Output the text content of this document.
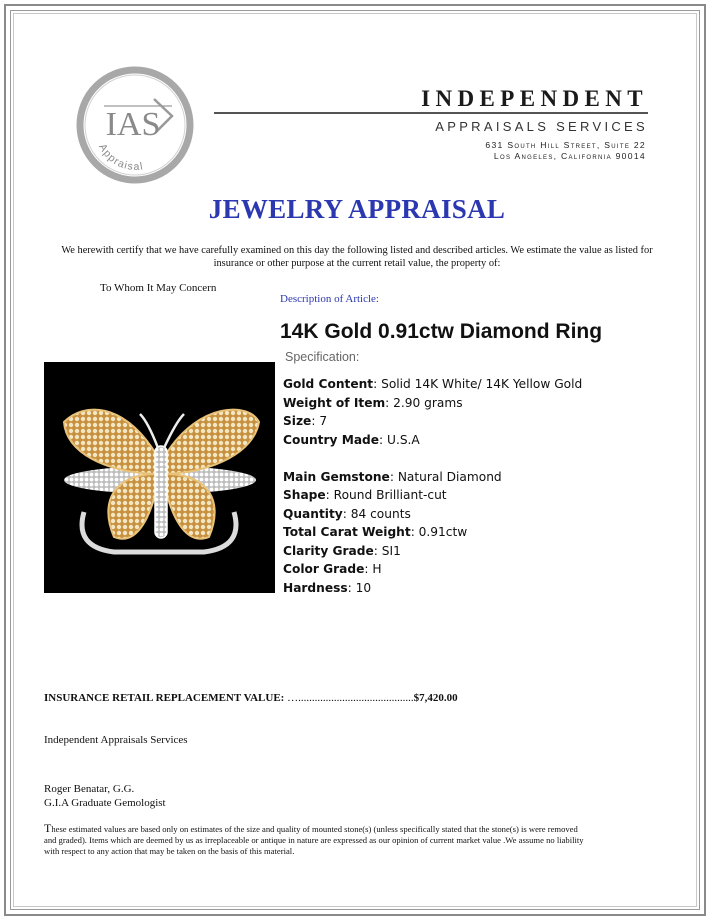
IAS
Appraisal
INDEPENDENT
APPRAISALS SERVICES
631 South Hill Street, Suite 22
Los Angeles, California 90014
JEWELRY APPRAISAL
We herewith certify that we have carefully examined on this day the following listed and described articles. We estimate the value as listed for insurance or other purpose at the current retail value, the property of:
To Whom It May Concern
Description of Article:
14K Gold 0.91ctw Diamond Ring
Specification:
Gold Content: Solid 14K White/ 14K Yellow Gold
Weight of Item: 2.90 grams
Size: 7
Country Made: U.S.A
Main Gemstone: Natural Diamond
Shape: Round Brilliant-cut
Quantity: 84 counts
Total Carat Weight: 0.91ctw
Clarity Grade: SI1
Color Grade: H
Hardness: 10
INSURANCE RETAIL REPLACEMENT VALUE: …..........................................$7,420.00
Independent Appraisals Services
Roger Benatar, G.G.
G.I.A Graduate Gemologist
These estimated values are based only on estimates of the size and quality of mounted stone(s) (unless specifically stated that the stone(s) is were removed and graded). Items which are deemed by us as irreplaceable or antique in nature are expressed as our opinion of current market value .We assume no liability with respect to any action that may be taken on the basis of this material.
